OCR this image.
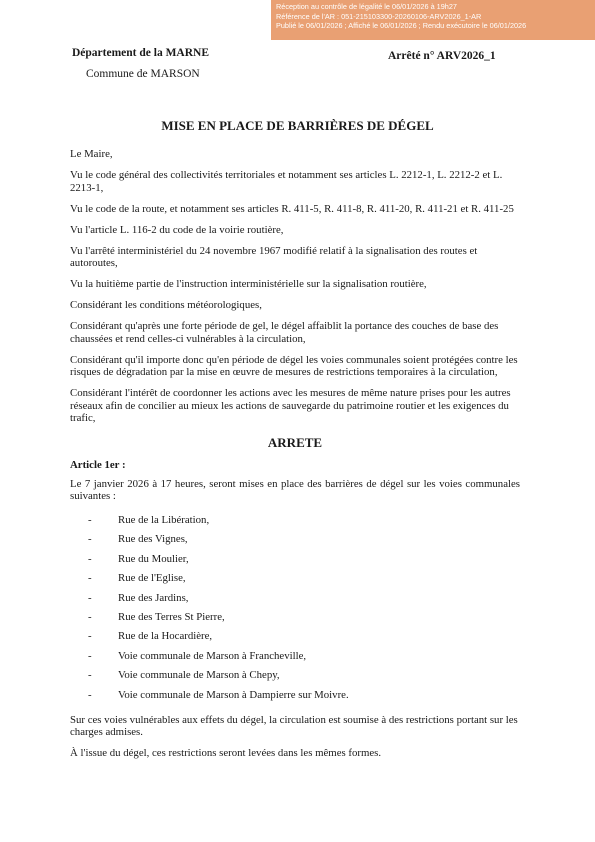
Réception au contrôle de légalité le 06/01/2026 à 19h27
Référence de l'AR : 051-215103300-20260106-ARV2026_1-AR
Publié le 06/01/2026 ; Affiché le 06/01/2026 ; Rendu exécutoire le 06/01/2026
Département de la MARNE
Commune de MARSON
Arrêté n° ARV2026_1
MISE EN PLACE DE BARRIÈRES DE DÉGEL

Le Maire,

Vu le code général des collectivités territoriales et notamment ses articles L. 2212-1, L. 2212-2 et L. 2213-1,

Vu le code de la route, et notamment ses articles R. 411-5, R. 411-8, R. 411-20, R. 411-21 et R. 411-25

Vu l'article L. 116-2 du code de la voirie routière,

Vu l'arrêté interministériel du 24 novembre 1967 modifié relatif à la signalisation des routes et autoroutes,

Vu la huitième partie de l'instruction interministérielle sur la signalisation routière,

Considérant les conditions météorologiques,

Considérant qu'après une forte période de gel, le dégel affaiblit la portance des couches de base des chaussées et rend celles-ci vulnérables à la circulation,

Considérant qu'il importe donc qu'en période de dégel les voies communales soient protégées contre les risques de dégradation par la mise en œuvre de mesures de restrictions temporaires à la circulation,

Considérant l'intérêt de coordonner les actions avec les mesures de même nature prises pour les autres réseaux afin de concilier au mieux les actions de sauvegarde du patrimoine routier et les exigences du trafic,

ARRETE
Article 1er :

Le 7 janvier 2026 à 17 heures, seront mises en place des barrières de dégel sur les voies communales suivantes :

-	Rue de la Libération,
-	Rue des Vignes,
-	Rue du Moulier,
-	Rue de l'Eglise,
-	Rue des Jardins,
-	Rue des Terres St Pierre,
-	Rue de la Hocardière,
-	Voie communale de Marson à Francheville,
-	Voie communale de Marson à Chepy,
-	Voie communale de Marson à Dampierre sur Moivre.

Sur ces voies vulnérables aux effets du dégel, la circulation est soumise à des restrictions portant sur les charges admises.

À l'issue du dégel, ces restrictions seront levées dans les mêmes formes.
